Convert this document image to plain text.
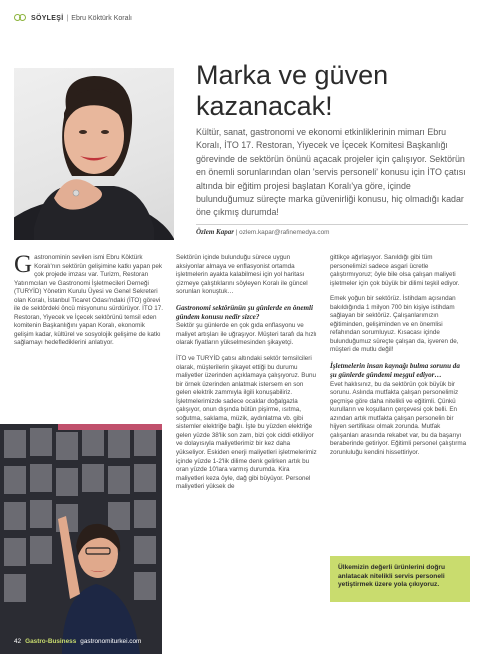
SÖYLEŞİ | Ebru Köktürk Koralı
Marka ve güven kazanacak!
Kültür, sanat, gastronomi ve ekonomi etkinliklerinin mimarı Ebru Koralı, İTO 17. Restoran, Yiyecek ve İçecek Komitesi Başkanlığı görevinde de sektörün önünü açacak projeler için çalışıyor. Sektörün en önemli sorunlarından olan 'servis personeli' konusu için İTO çatısı altında bir eğitim projesi başlatan Koralı'ya göre, içinde bulunduğumuz süreçte marka güvenirliği konusu, hiç olmadığı kadar öne çıkmış durumda!
Özlem Kapar | ozlem.kapar@rafinemedya.com

Gastronominin sevilen ismi Ebru Köktürk Koralı'nın sektörün gelişimine katkı yapan pek çok projede imzası var. Turizm, Restoran Yatırımcıları ve Gastronomi İşletmecileri Derneği (TURYİD) Yönetim Kurulu Üyesi ve Genel Sekreteri olan Koralı, İstanbul Ticaret Odası'ndaki (İTO) görevi ile de sektördeki öncü misyonunu sürdürüyor. İTO 17. Restoran, Yiyecek ve İçecek sektörünü temsil eden komitenin Başkanlığını yapan Koralı, ekonomik gelişim kadar, kültürel ve sosyolojik gelişime de katkı sağlamayı hedeflediklerini anlatıyor.

Sektörün içinde bulunduğu sürece uygun aksiyonlar almaya ve enflasyonist ortamda işletmelerin ayakta kalabilmesi için yol haritası çizmeye çalıştıklarını söyleyen Koralı ile güncel sorunları konuştuk…

Gastronomi sektörünün şu günlerde en önemli gündem konusu nedir sizce?

Sektör şu günlerde en çok gıda enflasyonu ve maliyet artışları ile uğraşıyor. Müşteri tarafı da hızlı olarak fiyatların yükselmesinden şikayetçi.

İTO ve TURYİD çatısı altındaki sektör temsilcileri olarak, müşterilerin şikayet ettiği bu durumu maliyetler üzerinden açıklamaya çalışıyoruz. Bunu bir örnek üzerinden anlatmak istersem en son gelen elektrik zammıyla ilgili konuşabiliriz. İşletmelerimizde sadece ocaklar doğalgazla çalışıyor, onun dışında bütün pişirme, ısıtma, soğutma, saklama, müzik, aydınlatma vb. gibi sistemler elektriğe bağlı. İşte bu yüzden elektriğe gelen yüzde 38'lik son zam, bizi çok ciddi etkiliyor ve dolayısıyla maliyetlerimiz bir kez daha yükseliyor. Eskiden enerji maliyetleri işletmelerimiz içinde yüzde 1-2'lik dilime denk gelirken artık bu oran yüzde 10'lara varmış durumda. Kira maliyetleri keza öyle, dağ gibi büyüyor. Personel maliyetleri yüksek de

gittikçe ağırlaşıyor. Sanıldığı gibi tüm personelimizi sadece asgari ücretle çalıştırmıyoruz; öyle bile olsa çalışan maliyeti işletmeler için çok büyük bir dilimi teşkil ediyor.

Emek yoğun bir sektörüz. İstihdam açısından bakıldığında 1 milyon 700 bin kişiye istihdam sağlayan bir sektörüz. Çalışanlarımızın eğitiminden, gelişiminden ve en önemlisi refahından sorumluyuz. Kısacası içinde bulunduğumuz süreçte çalışan da, işveren de, müşteri de mutlu değil!

İşletmelerin insan kaynağı bulma sorunu da şu günlerde gündemi meşgul ediyor…

Evet haklısınız, bu da sektörün çok büyük bir sorunu. Aslında mutfakta çalışan personelimiz geçmişe göre daha nitelikli ve eğitimli. Çünkü kurulların ve koşulların çerçevesi çok belli. En azından artık mutfakta çalışan personelin bir hijyen sertifikası olmak zorunda. Mutfak çalışanları arasında rekabet var, bu da başarıyı beraberinde getiriyor. Eğitimli personel çalıştırma zorunluluğu kendini hissettiriyor.

Ülkemizin değerli ürünlerini doğru anlatacak nitelikli servis personeli yetiştirmek üzere yola çıkıyoruz.
42 Gastro-Business gastronomiturkei.com
